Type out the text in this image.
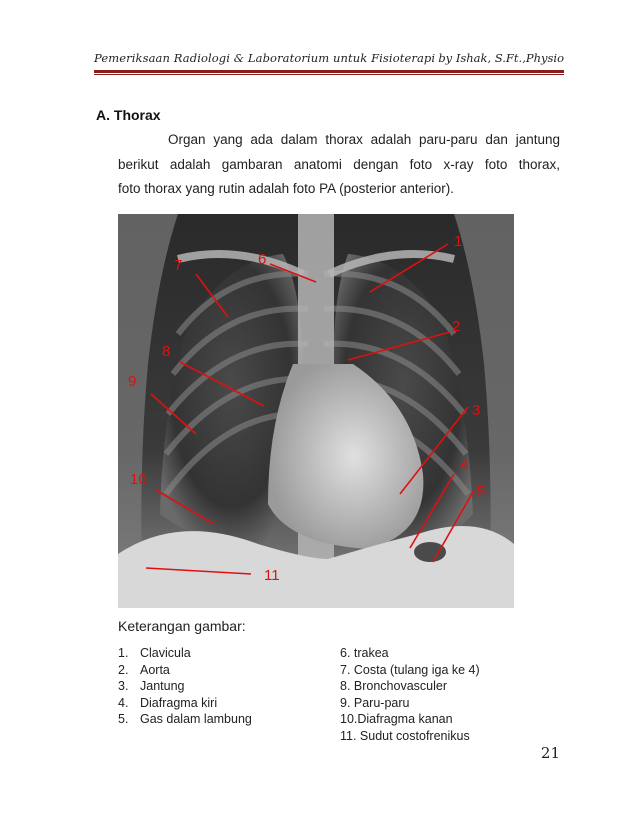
Pemeriksaan Radiologi & Laboratorium untuk Fisioterapi by Ishak, S.Ft.,Physio
A. Thorax
Organ yang ada dalam thorax adalah paru-paru dan jantung
berikut adalah gambaran anatomi dengan foto x-ray foto thorax,
foto thorax yang rutin adalah foto PA (posterior anterior).
1
2
3
4
5
6
7
8
9
10
11
Keterangan gambar:
1. Clavicula
2. Aorta
3. Jantung
4. Diafragma kiri
5. Gas dalam lambung
6. trakea
7. Costa (tulang iga ke 4)
8. Bronchovasculer
9. Paru-paru
10.Diafragma kanan
11. Sudut costofrenikus
21
